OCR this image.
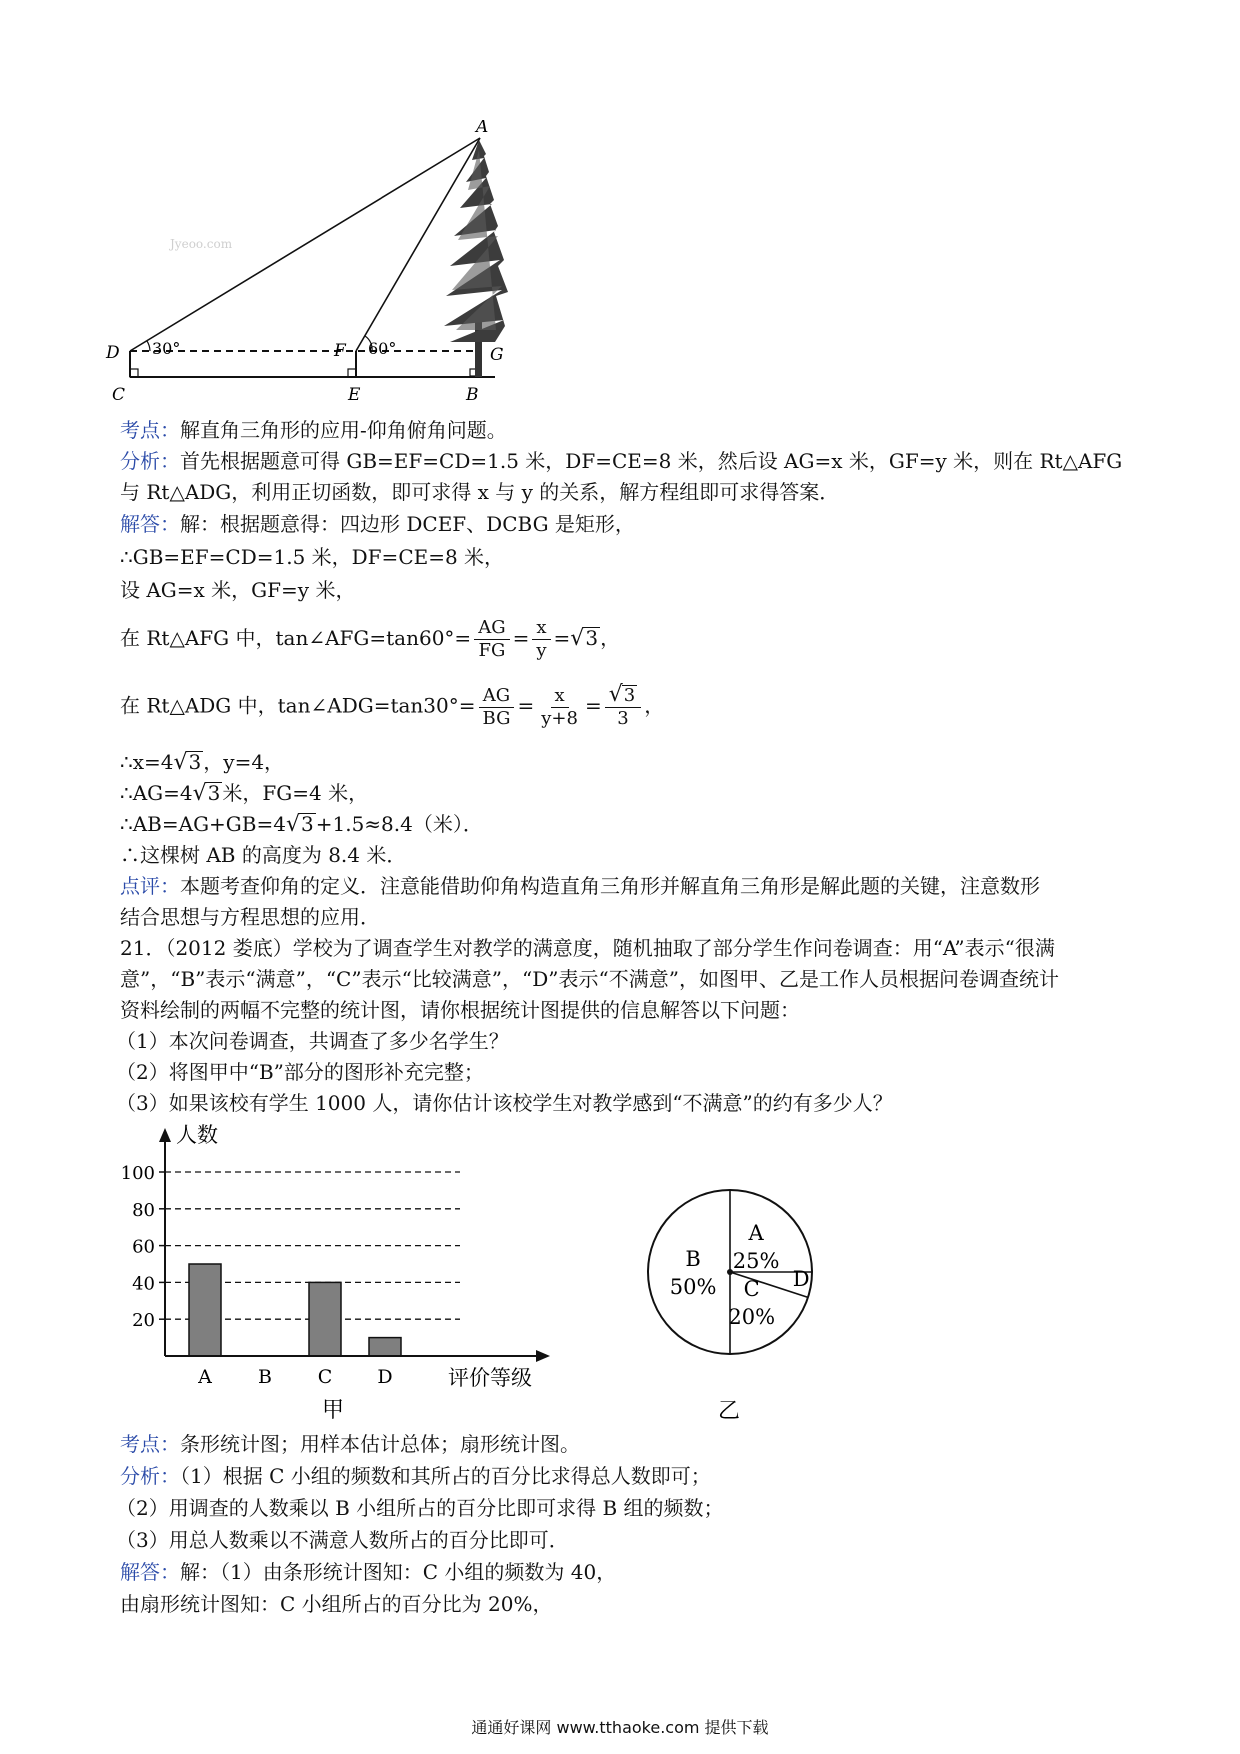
A
D 30°	F 60°	G
C	E	B
Jyeoo.com
考点：解直角三角形的应用-仰角俯角问题。
分析：首先根据题意可得 GB=EF=CD=1.5 米，DF=CE=8 米，然后设 AG=x 米，GF=y 米，则在 Rt△AFG
与 Rt△ADG，利用正切函数，即可求得 x 与 y 的关系，解方程组即可求得答案．
解答：解：根据题意得：四边形 DCEF、DCBG 是矩形，
∴GB=EF=CD=1.5 米，DF=CE=8 米，
设 AG=x 米，GF=y 米，
在 Rt△AFG 中，tan∠AFG=tan60°= $\frac{AG}{FG} = \frac{x}{y} =√3$ ，
在 Rt△ADG 中，tan∠ADG=tan30°= $\frac{AG}{BG} = \frac{x}{y+8} = \frac{√3}{3}$ ，
∴x=4√3 ，y=4，
∴AG=4√3 米，FG=4 米，
∴AB=AG+GB=4√3 +1.5≈8.4（米）．
∴这棵树 AB 的高度为 8.4 米．
点评：本题考查仰角的定义．注意能借助仰角构造直角三角形并解直角三角形是解此题的关键，注意数形
结合思想与方程思想的应用．
21．（2012 娄底）学校为了调查学生对教学的满意度，随机抽取了部分学生作问卷调查：用“A”表示“很满
意”，“B”表示“满意”，“C”表示“比较满意”，“D”表示“不满意”，如图甲、乙是工作人员根据问卷调查统计
资料绘制的两幅不完整的统计图，请你根据统计图提供的信息解答以下问题：
（1）本次问卷调查，共调查了多少名学生？
（2）将图甲中“B”部分的图形补充完整；
（3）如果该校有学生 1000 人，请你估计该校学生对教学感到“不满意”的约有多少人？
20
40
60
80
100
A B C D
人数
评价等级
甲
A
25%
D
C
20%
B
50%
乙
考点：条形统计图；用样本估计总体；扇形统计图。
分析：（1）根据 C 小组的频数和其所占的百分比求得总人数即可；
（2）用调查的人数乘以 B 小组所占的百分比即可求得 B 组的频数；
（3）用总人数乘以不满意人数所占的百分比即可．
解答：解：（1）由条形统计图知：C 小组的频数为 40，
由扇形统计图知：C 小组所占的百分比为 20%，
通通好课网 www.tthaoke.com 提供下载
